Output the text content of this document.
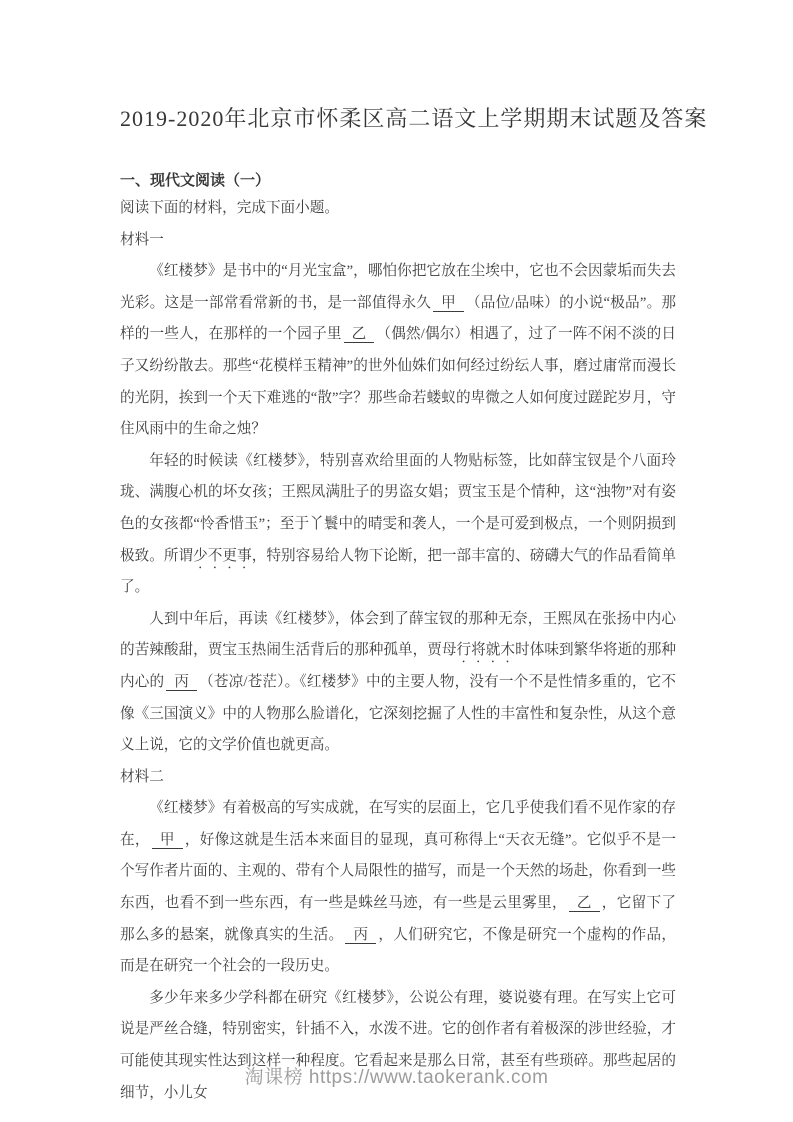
2019-2020年北京市怀柔区高二语文上学期期末试题及答案
一、现代文阅读（一）

阅读下面的材料，完成下面小题。

材料一

《红楼梦》是书中的“月光宝盒”，哪怕你把它放在尘埃中，它也不会因蒙垢而失去光彩。这是一部常看常新的书，是一部值得永久 甲 （品位/品味）的小说“极品”。那样的一些人，在那样的一个园子里 乙 （偶然/偶尔）相遇了，过了一阵不闲不淡的日子又纷纷散去。那些“花模样玉精神”的世外仙姝们如何经过纷纭人事，磨过庸常而漫长的光阴，挨到一个天下难逃的“散”字？那些命若蝼蚁的卑微之人如何度过蹉跎岁月，守住风雨中的生命之烛？

年轻的时候读《红楼梦》，特别喜欢给里面的人物贴标签，比如薛宝钗是个八面玲珑、满腹心机的坏女孩；王熙凤满肚子的男盗女娼；贾宝玉是个情种，这“浊物”对有姿色的女孩都“怜香惜玉”；至于丫鬟中的晴雯和袭人，一个是可爱到极点，一个则阴损到极致。所谓少不更事，特别容易给人物下论断，把一部丰富的、磅礴大气的作品看简单了。

人到中年后，再读《红楼梦》，体会到了薛宝钗的那种无奈，王熙凤在张扬中内心的苦辣酸甜，贾宝玉热闹生活背后的那种孤单，贾母行将就木时体味到繁华将逝的那种内心的 丙 （苍凉/苍茫）。《红楼梦》中的主要人物，没有一个不是性情多重的，它不像《三国演义》中的人物那么脸谱化，它深刻挖掘了人性的丰富性和复杂性，从这个意义上说，它的文学价值也就更高。

材料二

《红楼梦》有着极高的写实成就，在写实的层面上，它几乎使我们看不见作家的存在， 甲 ，好像这就是生活本来面目的显现，真可称得上“天衣无缝”。它似乎不是一个写作者片面的、主观的、带有个人局限性的描写，而是一个天然的场赴，你看到一些东西，也看不到一些东西，有一些是蛛丝马迹，有一些是云里雾里， 乙 ，它留下了那么多的悬案，就像真实的生活。 丙 ，人们研究它，不像是研究一个虚构的作品，而是在研究一个社会的一段历史。

多少年来多少学科都在研究《红楼梦》，公说公有理，婆说婆有理。在写实上它可说是严丝合缝，特别密实，针插不入，水泼不进。它的创作者有着极深的涉世经验，才可能使其现实性达到这样一种程度。它看起来是那么日常，甚至有些琐碎。那些起居的细节，小儿女

淘课榜 https://www.taokerank.com
